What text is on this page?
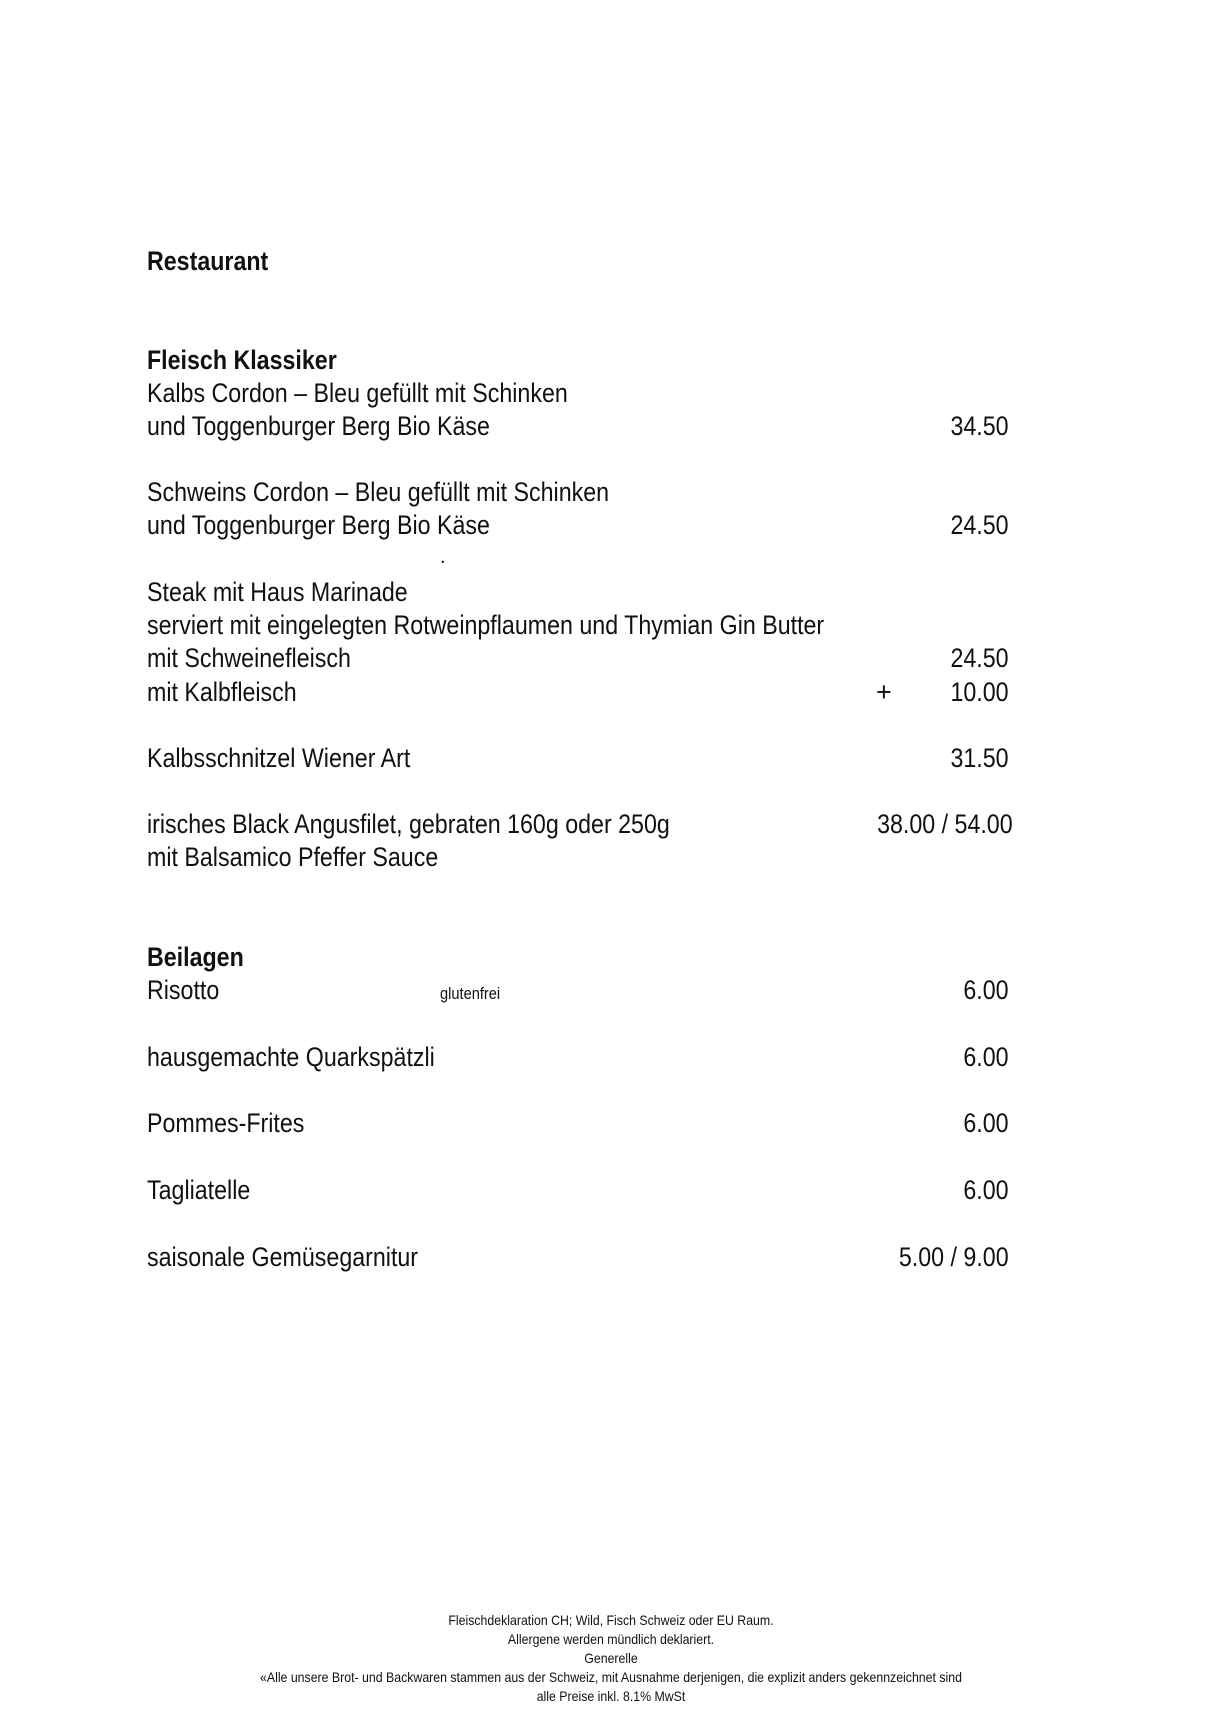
Restaurant
Fleisch Klassiker
Kalbs Cordon – Bleu gefüllt mit Schinken
und Toggenburger Berg Bio Käse	34.50
Schweins Cordon – Bleu gefüllt mit Schinken
und Toggenburger Berg Bio Käse	24.50
.
Steak mit Haus Marinade
serviert mit eingelegten Rotweinpflaumen und Thymian Gin Butter
mit Schweinefleisch	24.50
mit Kalbfleisch	+ 10.00
Kalbsschnitzel Wiener Art	31.50
irisches Black Angusfilet, gebraten 160g oder 250g	38.00 / 54.00
mit Balsamico Pfeffer Sauce
Beilagen
Risotto	glutenfrei	6.00
hausgemachte Quarkspätzli	6.00
Pommes-Frites	6.00
Tagliatelle	6.00
saisonale Gemüsegarnitur	5.00 / 9.00
Fleischdeklaration CH; Wild, Fisch Schweiz oder EU Raum.
Allergene werden mündlich deklariert.
Generelle
«Alle unsere Brot- und Backwaren stammen aus der Schweiz, mit Ausnahme derjenigen, die explizit anders gekennzeichnet sind
alle Preise inkl. 8.1% MwSt
